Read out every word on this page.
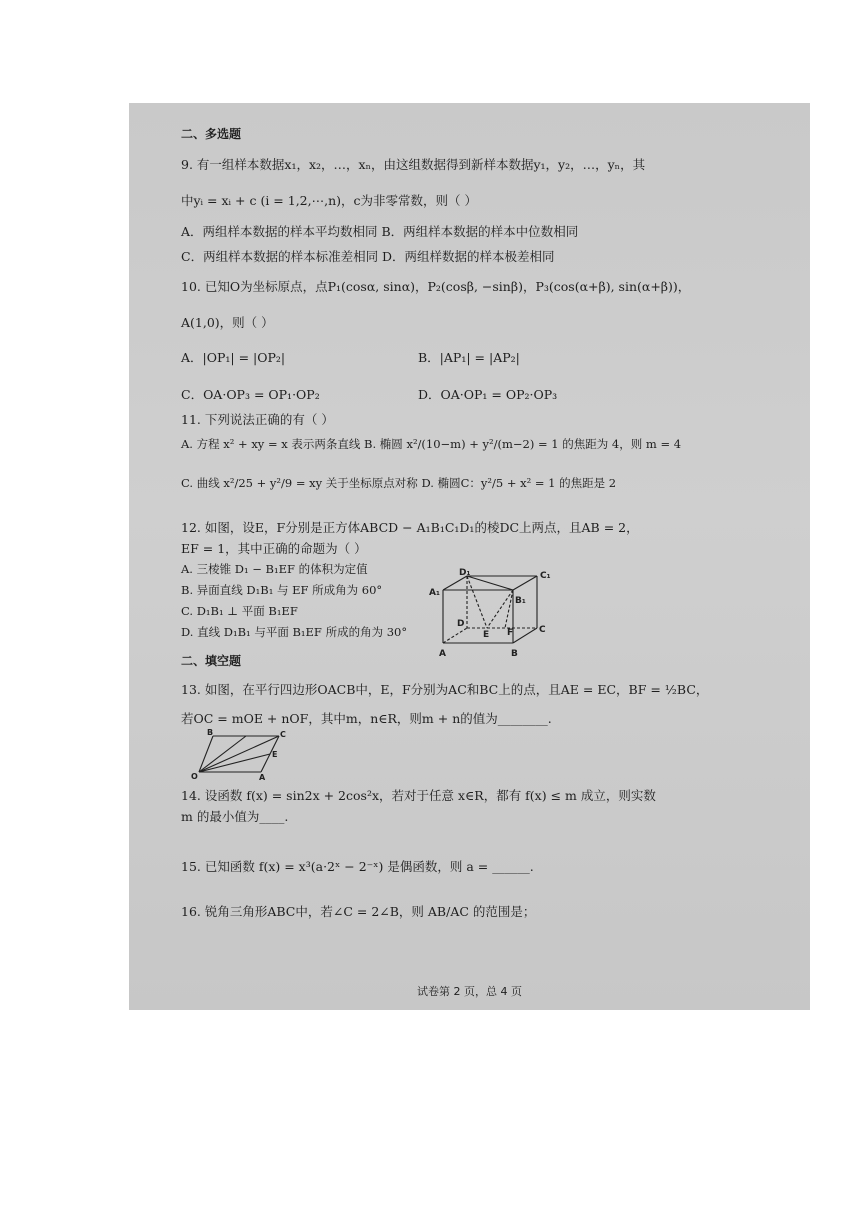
二、多选题
9. 有一组样本数据x₁，x₂，…，xₙ，由这组数据得到新样本数据y₁，y₂，…，yₙ，其
中yᵢ = xᵢ + c (i = 1,2,⋯,n)，c为非零常数，则（ ）
A．两组样本数据的样本平均数相同 B．两组样本数据的样本中位数相同
C．两组样本数据的样本标准差相同 D．两组样数据的样本极差相同
10. 已知O为坐标原点，点P₁(cosα, sinα)，P₂(cosβ, −sinβ)，P₃(cos(α+β), sin(α+β))，
A(1,0)，则（ ）
A．|OP₁| = |OP₂|	B．|AP₁| = |AP₂|
C．OA·OP₃ = OP₁·OP₂	D．OA·OP₁ = OP₂·OP₃
11. 下列说法正确的有（ ）
A. 方程 x² + xy = x 表示两条直线 B. 椭圆 x²/(10−m) + y²/(m−2) = 1 的焦距为 4，则 m = 4
C. 曲线 x²/25 + y²/9 = xy 关于坐标原点对称 D. 椭圆C：y²/5 + x² = 1 的焦距是 2
12. 如图，设E，F分别是正方体ABCD − A₁B₁C₁D₁的棱DC上两点，且AB = 2，
EF = 1，其中正确的命题为（ ）
A. 三棱锥 D₁ − B₁EF 的体积为定值
B. 异面直线 D₁B₁ 与 EF 所成角为 60°
C. D₁B₁ ⊥ 平面 B₁EF
D. 直线 D₁B₁ 与平面 B₁EF 所成的角为 30°
D₁	C₁
A₁
B₁
D
E F	C
A	B
二、填空题
13. 如图，在平行四边形OACB中，E，F分别为AC和BC上的点，且AE = EC，BF = ½BC，
若OC = mOE + nOF，其中m，n∈R，则m + n的值为________.
B	C
E
O	A
14. 设函数 f(x) = sin2x + 2cos²x，若对于任意 x∈R，都有 f(x) ≤ m 成立，则实数
m 的最小值为____.
15. 已知函数 f(x) = x³(a·2ˣ − 2⁻ˣ) 是偶函数，则 a = ______.
16. 锐角三角形ABC中，若∠C = 2∠B，则 AB/AC 的范围是；
试卷第 2 页，总 4 页
